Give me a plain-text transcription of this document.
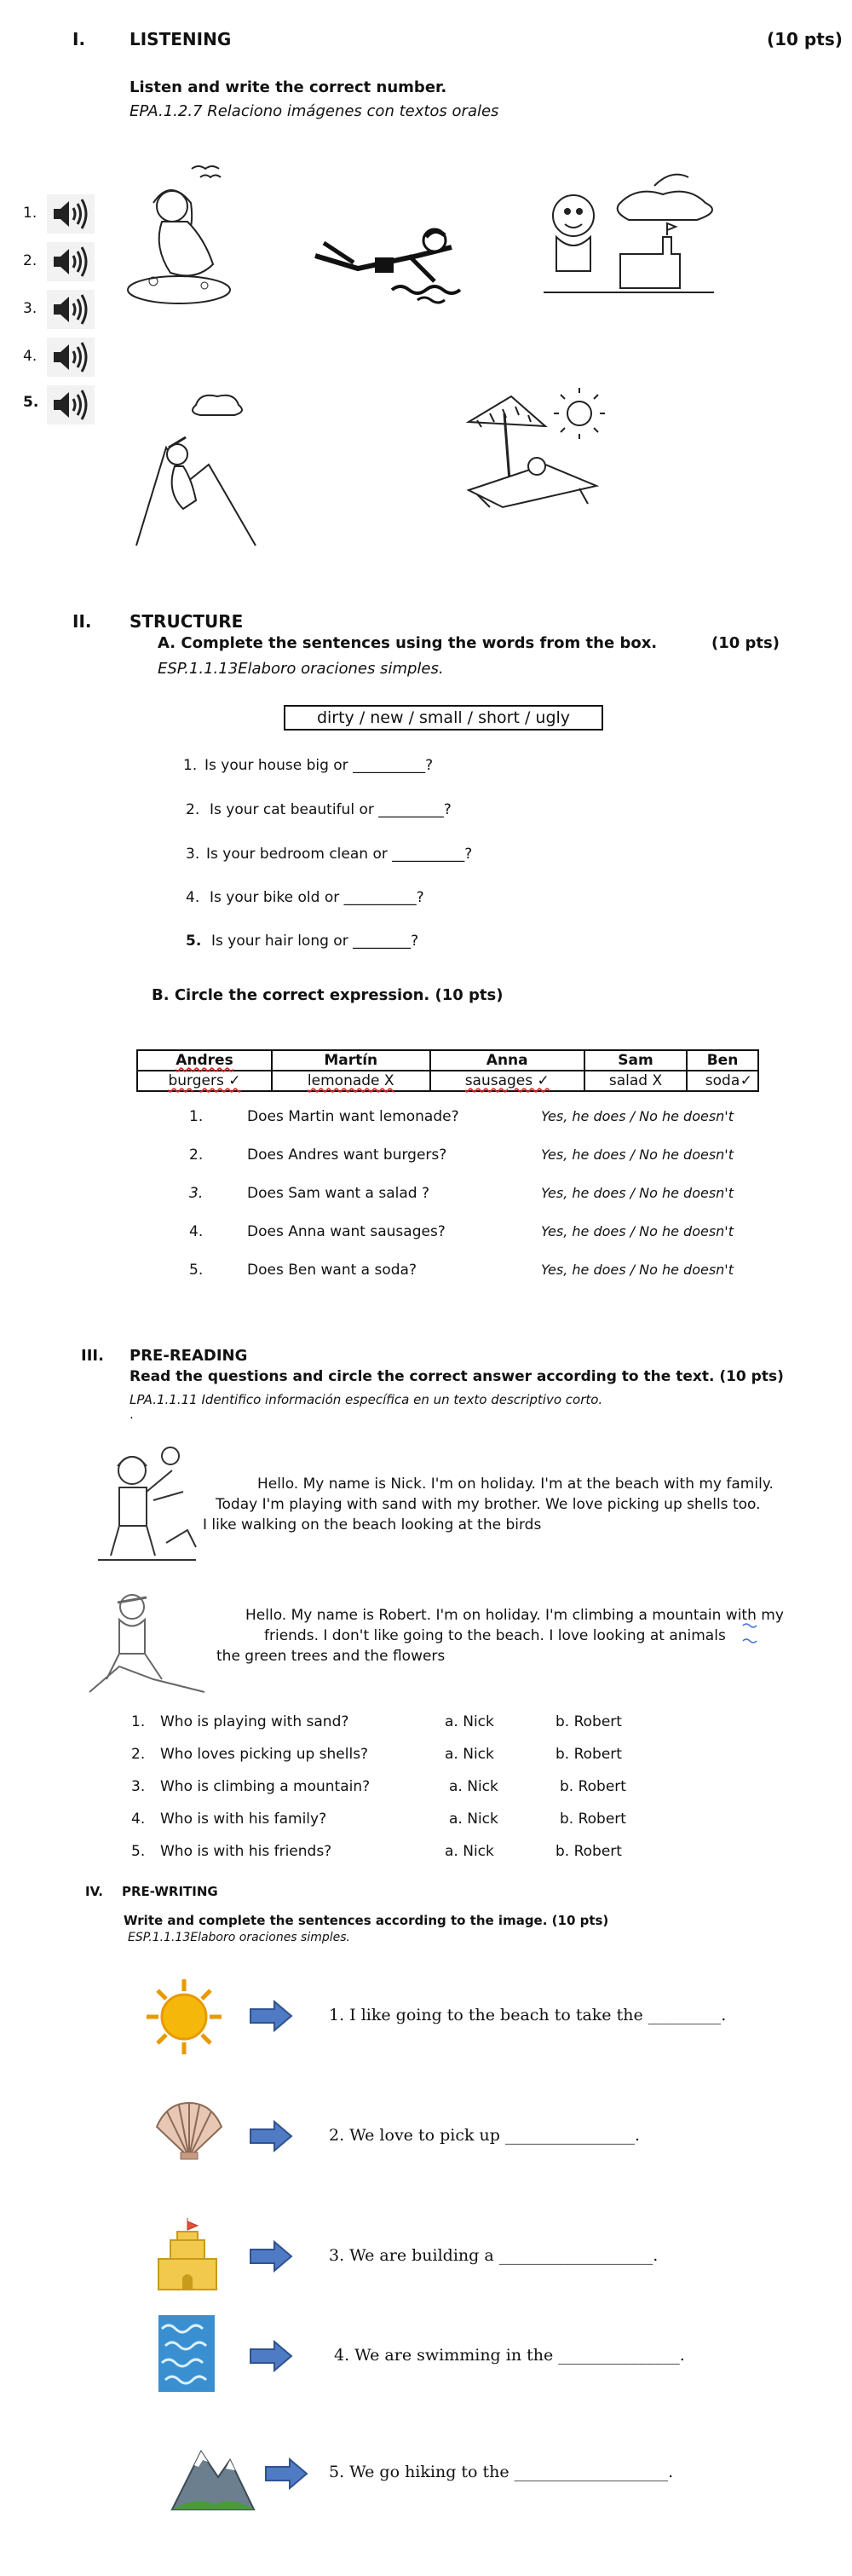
I.	LISTENING	(10 pts)
Listen and write the correct number.
EPA.1.2.7 Relaciono imágenes con textos orales
1.
2.
3.
4.
5.
II. STRUCTURE
A. Complete the sentences using the words from the box.	(10 pts)
ESP.1.1.13Elaboro oraciones simples.
dirty / new / small / short / ugly
1. Is your house big or __________?
2. Is your cat beautiful or _________?
3. Is your bedroom clean or __________?
4. Is your bike old or __________?
5. Is your hair long or ________?
B. Circle the correct expression. (10 pts)
Andres	Martín	Anna	Sam	Ben
burgers ✓	lemonade X	sausages ✓	salad X	soda ✓
1.	Does Martin want lemonade?	Yes, he does / No he doesn't
2.	Does Andres want burgers?	Yes, he does / No he doesn't
3.	Does Sam want a salad ?	Yes, he does / No he doesn't
4.	Does Anna want sausages?	Yes, he does / No he doesn't
5.	Does Ben want a soda?	Yes, he does / No he doesn't
III. PRE-READING
Read the questions and circle the correct answer according to the text. (10 pts)
LPA.1.1.11 Identifico información específica en un texto descriptivo corto.
.
Hello. My name is Nick. I'm on holiday. I'm at the beach with my family.
Today I'm playing with sand with my brother. We love picking up shells too.
I like walking on the beach looking at the birds
Hello. My name is Robert. I'm on holiday. I'm climbing a mountain with my
friends. I don't like going to the beach. I love looking at animals
the green trees and the flowers
1. Who is playing with sand?	a. Nick	b. Robert
2. Who loves picking up shells?	a. Nick	b. Robert
3. Who is climbing a mountain?	a. Nick	b. Robert
4. Who is with his family?	a. Nick	b. Robert
5. Who is with his friends?	a. Nick	b. Robert
IV. PRE-WRITING
Write and complete the sentences according to the image. (10 pts)
ESP.1.1.13Elaboro oraciones simples.
1. I like going to the beach to take the _________.
2. We love to pick up ________________.
3. We are building a ___________________.
4. We are swimming in the _______________.
5. We go hiking to the ___________________.
